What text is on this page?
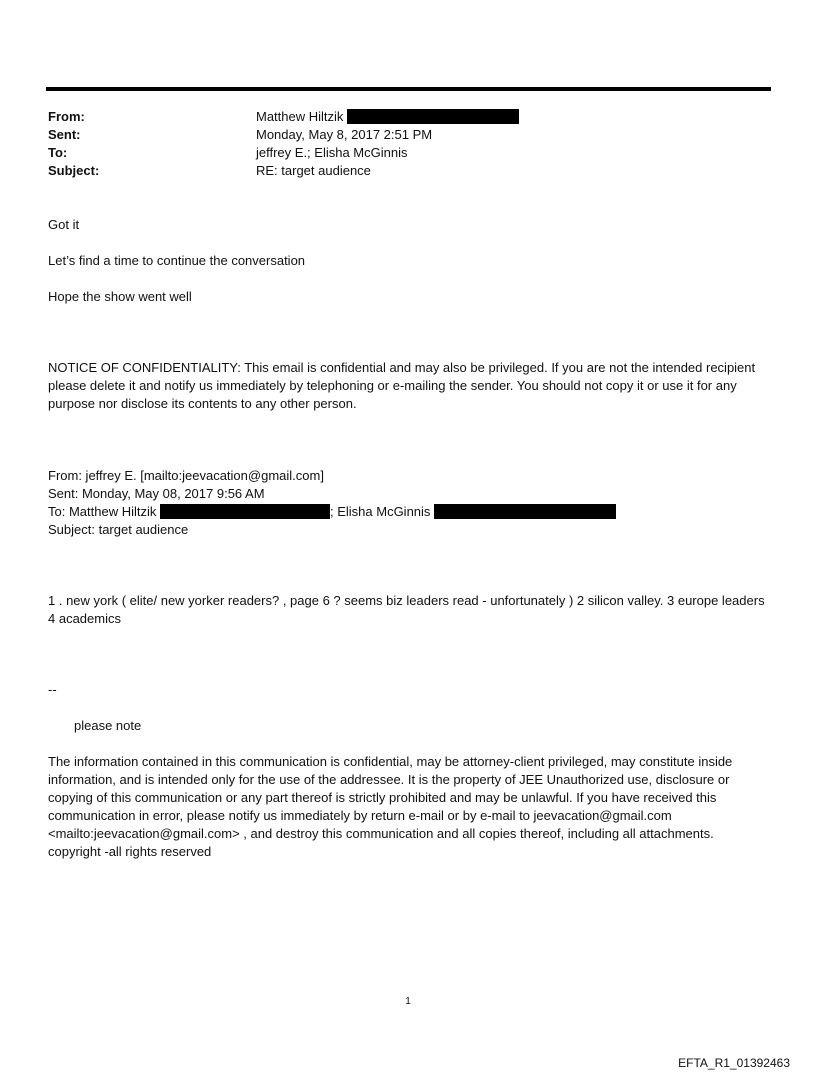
From:	Matthew Hiltzik
Sent:	Monday, May 8, 2017 2:51 PM
To:	jeffrey E.; Elisha McGinnis
Subject:	RE: target audience

Got it

Let’s find a time to continue the conversation

Hope the show went well

NOTICE OF CONFIDENTIALITY: This email is confidential and may also be privileged. If you are not the intended recipient please delete it and notify us immediately by telephoning or e-mailing the sender. You should not copy it or use it for any purpose nor disclose its contents to any other person.

From: jeffrey E. [mailto:jeevacation@gmail.com]

Sent: Monday, May 08, 2017 9:56 AM

To: Matthew Hiltzik	; Elisha McGinnis

Subject: target audience

1 . new york ( elite/ new yorker readers? , page 6 ? seems biz leaders read - unfortunately ) 2 silicon valley. 3 europe leaders 4 academics

--

please note

The information contained in this communication is confidential, may be attorney-client privileged, may constitute inside information, and is intended only for the use of the addressee. It is the property of JEE Unauthorized use, disclosure or copying of this communication or any part thereof is strictly prohibited and may be unlawful. If you have received this communication in error, please notify us immediately by return e-mail or by e-mail to jeevacation@gmail.com <mailto:jeevacation@gmail.com> , and destroy this communication and all copies thereof, including all attachments. copyright -all rights reserved

1
EFTA_R1_01392463
